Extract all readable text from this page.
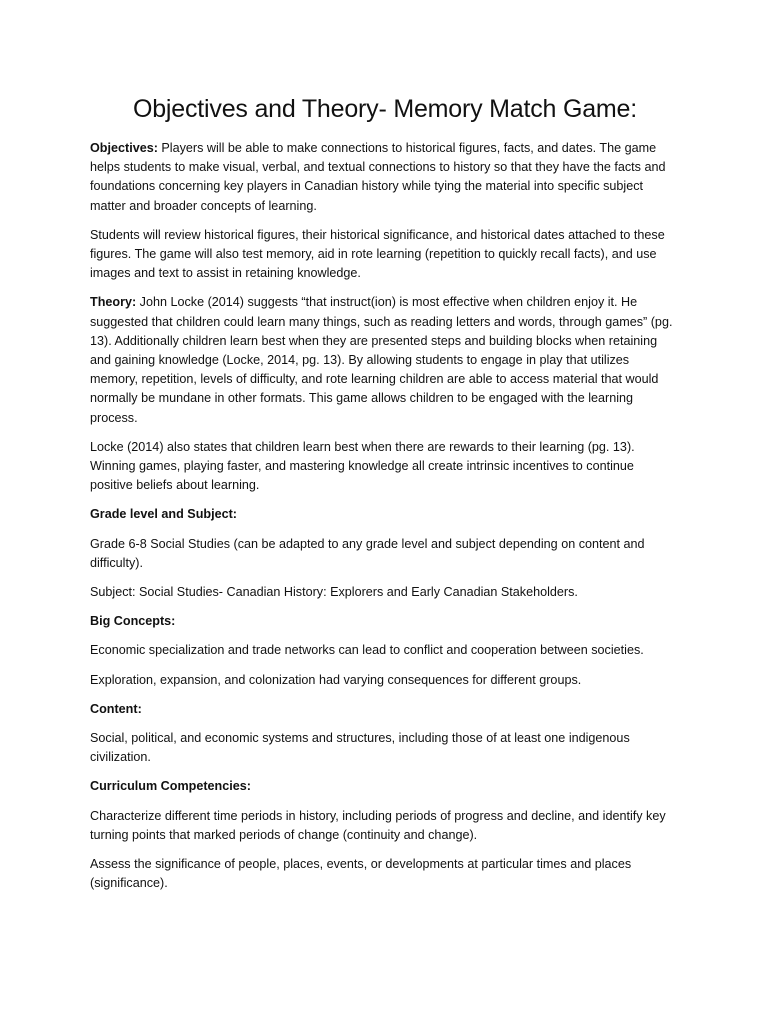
Objectives and Theory- Memory Match Game:

Objectives: Players will be able to make connections to historical figures, facts, and dates. The game helps students to make visual, verbal, and textual connections to history so that they have the facts and foundations concerning key players in Canadian history while tying the material into specific subject matter and broader concepts of learning.

Students will review historical figures, their historical significance, and historical dates attached to these figures. The game will also test memory, aid in rote learning (repetition to quickly recall facts), and use images and text to assist in retaining knowledge.

Theory: John Locke (2014) suggests “that instruct(ion) is most effective when children enjoy it. He suggested that children could learn many things, such as reading letters and words, through games” (pg. 13). Additionally children learn best when they are presented steps and building blocks when retaining and gaining knowledge (Locke, 2014, pg. 13). By allowing students to engage in play that utilizes memory, repetition, levels of difficulty, and rote learning children are able to access material that would normally be mundane in other formats. This game allows children to be engaged with the learning process.

Locke (2014) also states that children learn best when there are rewards to their learning (pg. 13). Winning games, playing faster, and mastering knowledge all create intrinsic incentives to continue positive beliefs about learning.

Grade level and Subject:

Grade 6-8 Social Studies (can be adapted to any grade level and subject depending on content and difficulty).

Subject: Social Studies- Canadian History: Explorers and Early Canadian Stakeholders.

Big Concepts:

Economic specialization and trade networks can lead to conflict and cooperation between societies.

Exploration, expansion, and colonization had varying consequences for different groups.

Content:

Social, political, and economic systems and structures, including those of at least one indigenous civilization.

Curriculum Competencies:

Characterize different time periods in history, including periods of progress and decline, and identify key turning points that marked periods of change (continuity and change).

Assess the significance of people, places, events, or developments at particular times and places (significance).
